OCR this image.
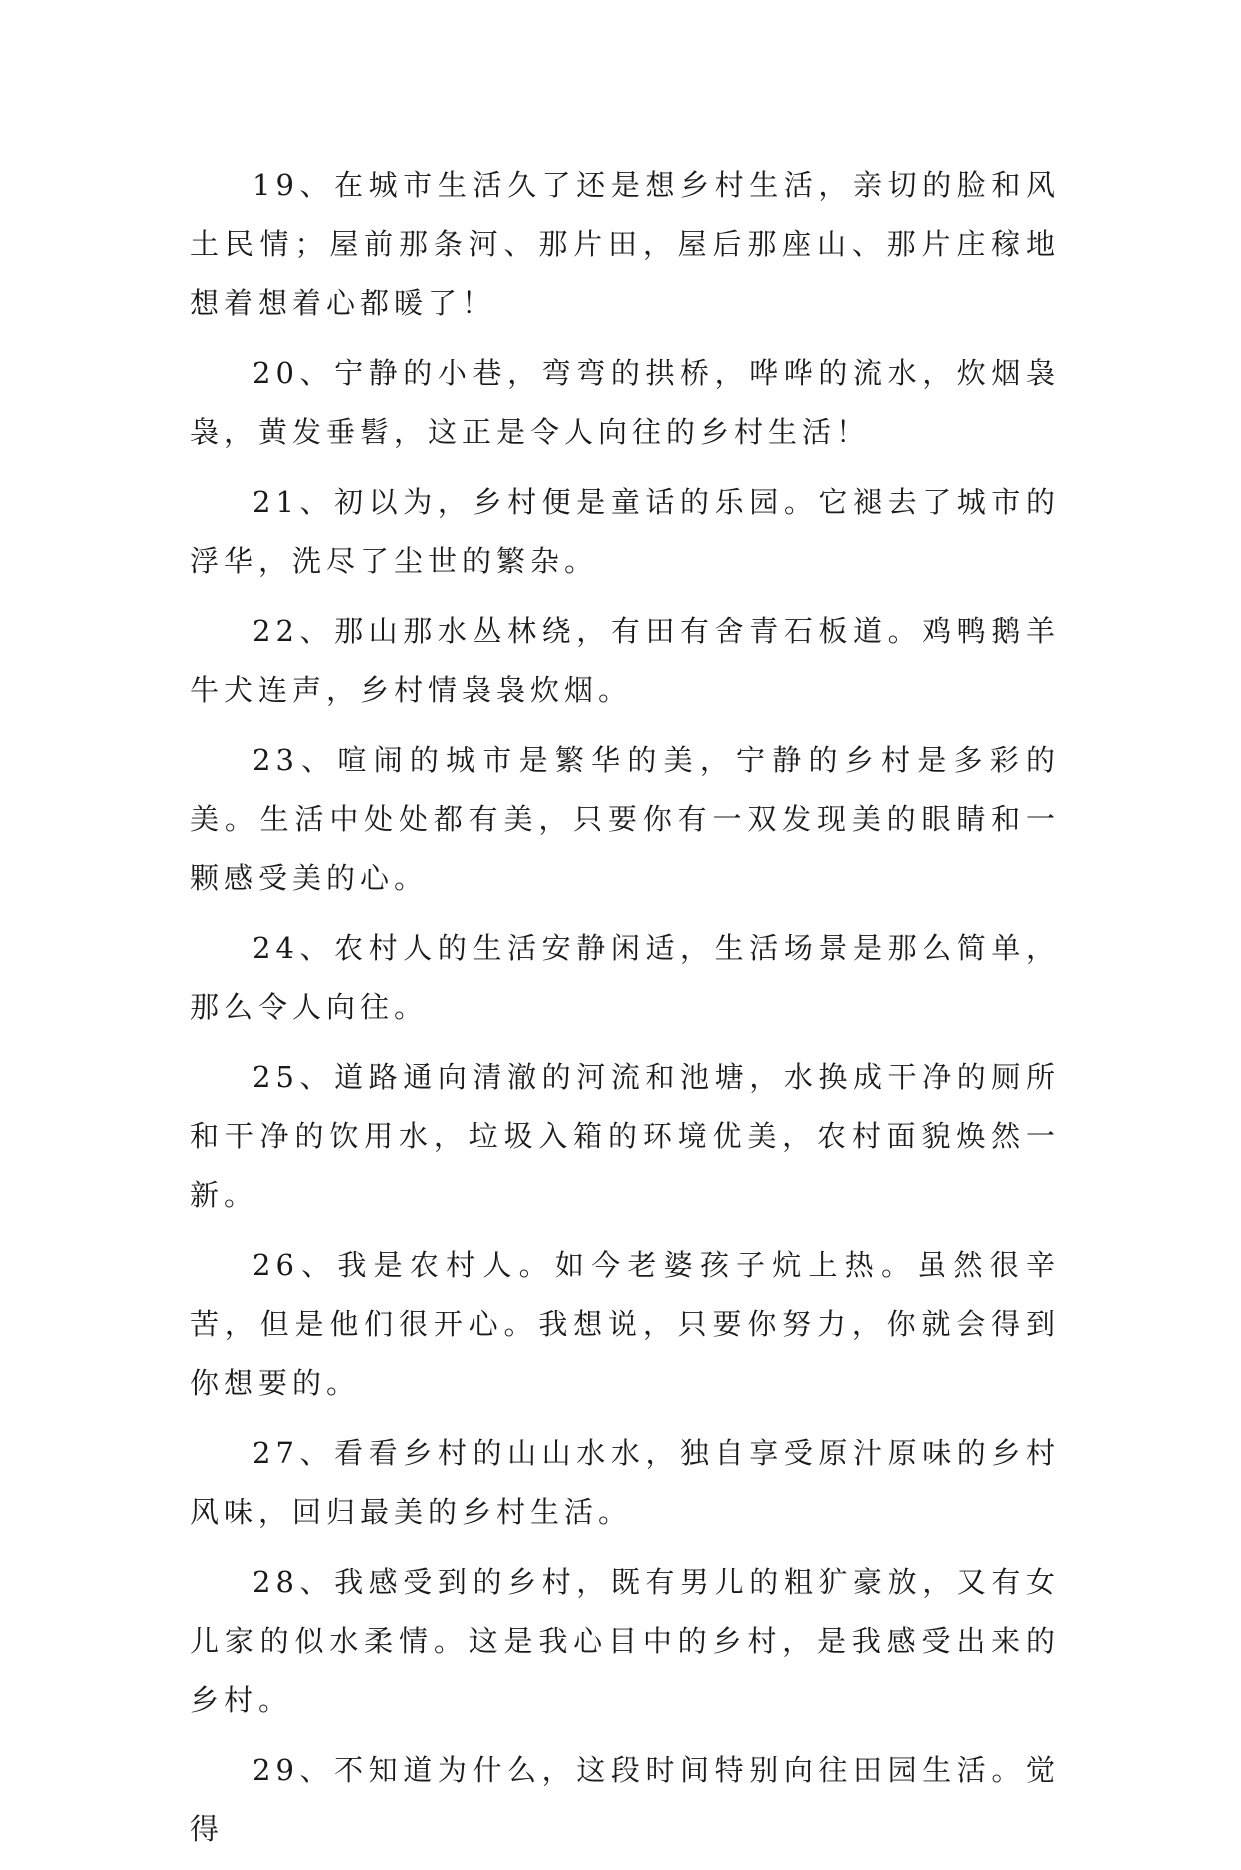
19、在城市生活久了还是想乡村生活，亲切的脸和风土民情；屋前那条河、那片田，屋后那座山、那片庄稼地想着想着心都暖了！

20、宁静的小巷，弯弯的拱桥，哗哗的流水，炊烟袅袅，黄发垂髫，这正是令人向往的乡村生活！

21、初以为，乡村便是童话的乐园。它褪去了城市的浮华，洗尽了尘世的繁杂。

22、那山那水丛林绕，有田有舍青石板道。鸡鸭鹅羊牛犬连声，乡村情袅袅炊烟。

23、喧闹的城市是繁华的美，宁静的乡村是多彩的美。生活中处处都有美，只要你有一双发现美的眼睛和一颗感受美的心。

24、农村人的生活安静闲适，生活场景是那么简单，那么令人向往。

25、道路通向清澈的河流和池塘，水换成干净的厕所和干净的饮用水，垃圾入箱的环境优美，农村面貌焕然一新。

26、我是农村人。如今老婆孩子炕上热。虽然很辛苦，但是他们很开心。我想说，只要你努力，你就会得到你想要的。

27、看看乡村的山山水水，独自享受原汁原味的乡村风味，回归最美的乡村生活。

28、我感受到的乡村，既有男儿的粗犷豪放，又有女儿家的似水柔情。这是我心目中的乡村，是我感受出来的乡村。

29、不知道为什么，这段时间特别向往田园生活。觉得
